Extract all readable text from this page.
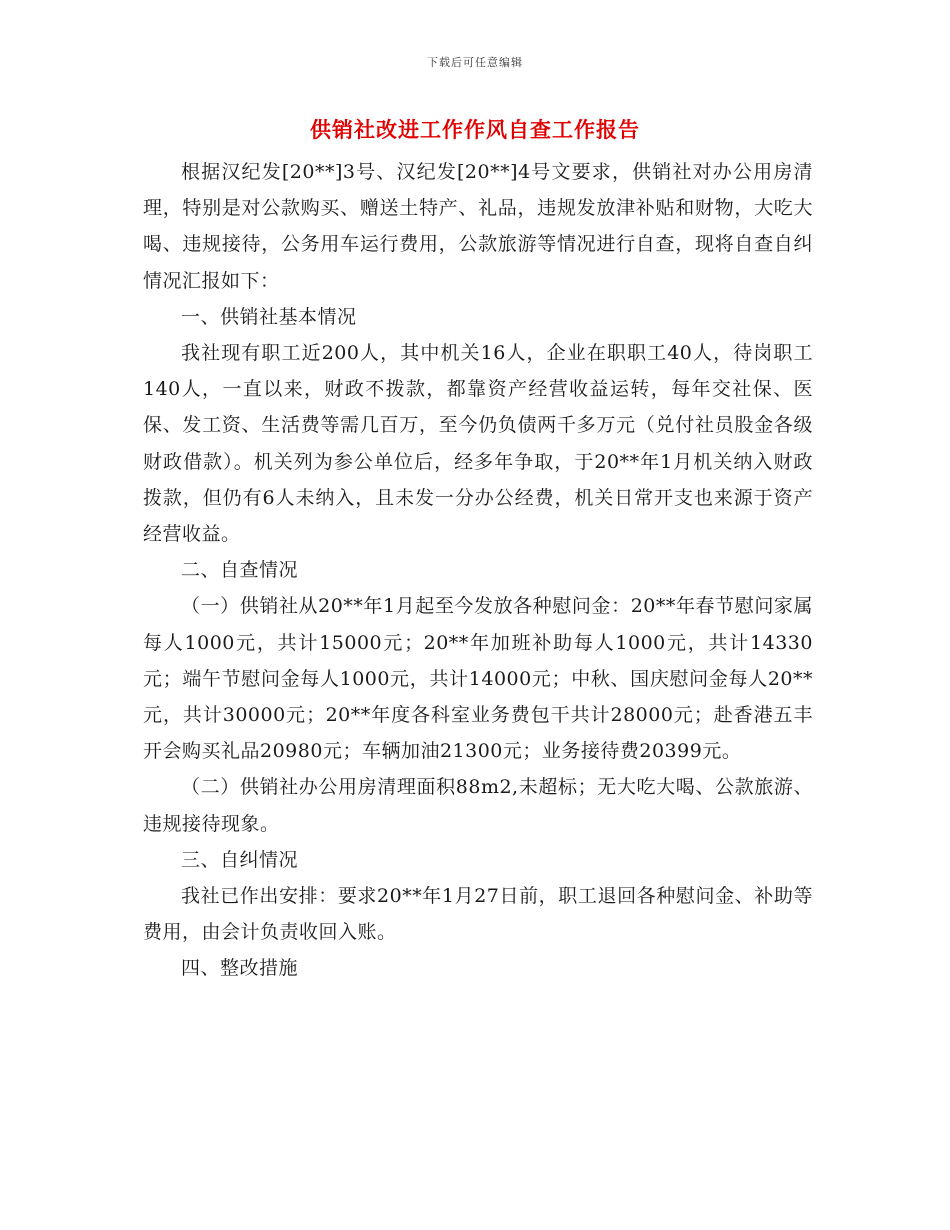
下载后可任意编辑
供销社改进工作作风自查工作报告

根据汉纪发[20**]3号、汉纪发[20**]4号文要求，供销社对办公用房清理，特别是对公款购买、赠送土特产、礼品，违规发放津补贴和财物，大吃大喝、违规接待，公务用车运行费用，公款旅游等情况进行自查，现将自查自纠情况汇报如下：

一、供销社基本情况

我社现有职工近200人，其中机关16人，企业在职职工40人，待岗职工140人，一直以来，财政不拨款，都靠资产经营收益运转，每年交社保、医保、发工资、生活费等需几百万，至今仍负债两千多万元（兑付社员股金各级财政借款）。机关列为参公单位后，经多年争取，于20**年1月机关纳入财政拨款，但仍有6人未纳入，且未发一分办公经费，机关日常开支也来源于资产经营收益。

二、自查情况

（一）供销社从20**年1月起至今发放各种慰问金：20**年春节慰问家属每人1000元，共计15000元；20**年加班补助每人1000元，共计14330元；端午节慰问金每人1000元，共计14000元；中秋、国庆慰问金每人20**元，共计30000元；20**年度各科室业务费包干共计28000元；赴香港五丰开会购买礼品20980元；车辆加油21300元；业务接待费20399元。

（二）供销社办公用房清理面积88m2,未超标；无大吃大喝、公款旅游、违规接待现象。

三、自纠情况

我社已作出安排：要求20**年1月27日前，职工退回各种慰问金、补助等费用，由会计负责收回入账。

四、整改措施
